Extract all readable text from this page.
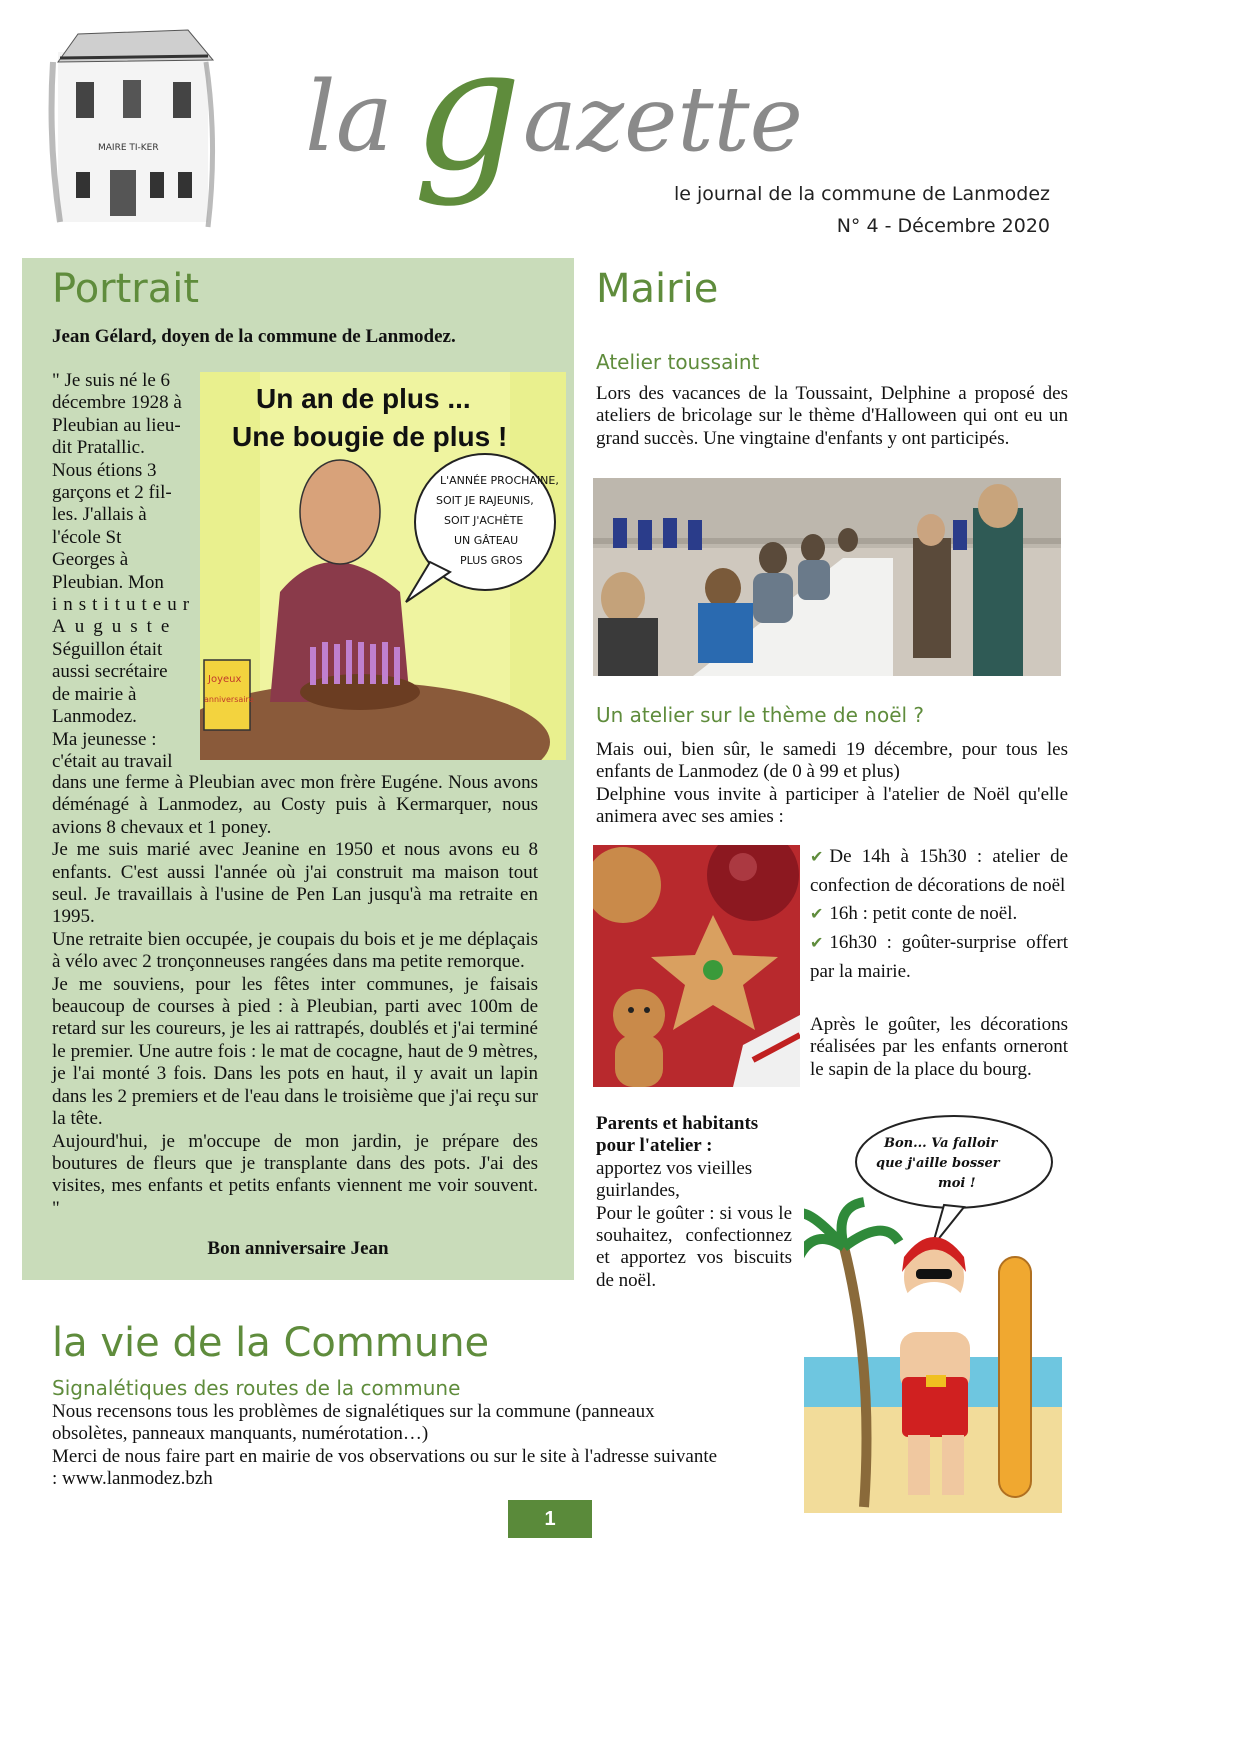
MAIRE TI-KER la g azette
le journal de la commune de Lanmodez
N° 4 - Décembre 2020
Portrait
Jean Gélard, doyen de la commune de Lanmodez.
Un an de plus ...
Une bougie de plus !
L'ANNÉE PROCHAINE,
SOIT JE RAJEUNIS,
SOIT J'ACHÈTE
UN GÂTEAU
PLUS GROS
Joyeux
anniversaire
" Je suis né le 6
décembre 1928 à
Pleubian au lieu-
dit Pratallic.
Nous étions 3
garçons et 2 fil-
les. J'allais à
l'école St
Georges à
Pleubian. Mon
instituteur
Auguste
Séguillon était
aussi secrétaire
de mairie à
Lanmodez.
Ma jeunesse :
c'était au travail

dans une ferme à Pleubian avec mon frère Eugéne. Nous avons déménagé à Lanmodez, au Costy puis à Kermarquer, nous avions 8 chevaux et 1 poney.

Je me suis marié avec Jeanine en 1950 et nous avons eu 8 enfants. C'est aussi l'année où j'ai construit ma maison tout seul. Je travaillais à l'usine de Pen Lan jusqu'à ma retraite en 1995.

Une retraite bien occupée, je coupais du bois et je me déplaçais à vélo avec 2 tronçonneuses rangées dans ma petite remorque.

Je me souviens, pour les fêtes inter communes, je faisais beaucoup de courses à pied : à Pleubian, parti avec 100m de retard sur les coureurs, je les ai rattrapés, doublés et j'ai terminé le premier. Une autre fois : le mat de cocagne, haut de 9 mètres, je l'ai monté 3 fois. Dans les pots en haut, il y avait un lapin dans les 2 premiers et de l'eau dans le troisième que j'ai reçu sur la tête.

Aujourd'hui, je m'occupe de mon jardin, je prépare des boutures de fleurs que je transplante dans des pots. J'ai des visites, mes enfants et petits enfants viennent me voir souvent. "

Bon anniversaire Jean
Mairie
Atelier toussaint
Lors des vacances de la Toussaint, Delphine a proposé des ateliers de bricolage sur le thème d'Halloween qui ont eu un grand succès. Une vingtaine d'enfants y ont participés.
Un atelier sur le thème de noël ?

Mais oui, bien sûr, le samedi 19 décembre, pour tous les enfants de Lanmodez (de 0 à 99 et plus)

Delphine vous invite à participer à l'atelier de Noël qu'elle animera avec ses amies :

✔ De 14h à 15h30 : atelier de confection de décorations de noël
✔ 16h : petit conte de noël.
✔ 16h30 : goûter-surprise offert par la mairie.
Après le goûter, les décorations réalisées par les enfants orneront le sapin de la place du bourg.

Parents et habitants pour l'atelier :

apportez vos vieilles guirlandes,

Pour le goûter : si vous le souhaitez, confectionnez et apportez vos biscuits de noël.

Bon... Va falloir
que j'aille bosser
moi !
la vie de la Commune
Signalétiques des routes de la commune

Nous recensons tous les problèmes de signalétiques sur la commune (panneaux obsolètes, panneaux manquants, numérotation…)

Merci de nous faire part en mairie de vos observations ou sur le site à l'adresse suivante : www.lanmodez.bzh

1
